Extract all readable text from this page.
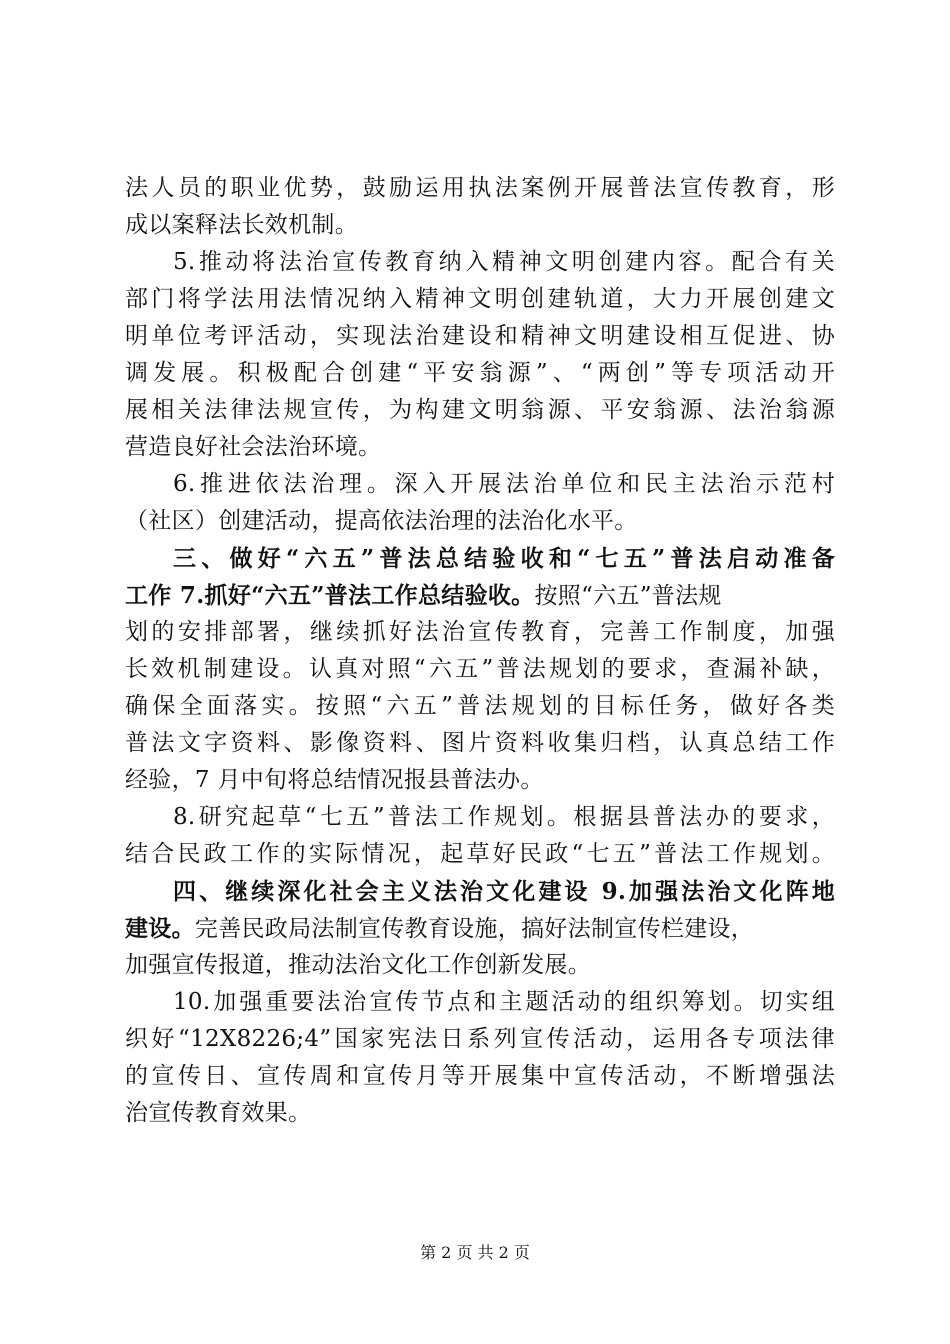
法人员的职业优势，鼓励运用执法案例开展普法宣传教育，形
成以案释法长效机制。
5.推动将法治宣传教育纳入精神文明创建内容。配合有关
部门将学法用法情况纳入精神文明创建轨道，大力开展创建文
明单位考评活动，实现法治建设和精神文明建设相互促进、协
调发展。积极配合创建“平安翁源”、“两创”等专项活动开
展相关法律法规宣传，为构建文明翁源、平安翁源、法治翁源
营造良好社会法治环境。
6.推进依法治理。深入开展法治单位和民主法治示范村
（社区）创建活动，提高依法治理的法治化水平。
三、做好“六五”普法总结验收和“七五”普法启动准备
工作 7.抓好“六五”普法工作总结验收。按照“六五”普法规
划的安排部署，继续抓好法治宣传教育，完善工作制度，加强
长效机制建设。认真对照“六五”普法规划的要求，查漏补缺，
确保全面落实。按照“六五”普法规划的目标任务，做好各类
普法文字资料、影像资料、图片资料收集归档，认真总结工作
经验，7 月中旬将总结情况报县普法办。
8.研究起草“七五”普法工作规划。根据县普法办的要求，
结合民政工作的实际情况，起草好民政“七五”普法工作规划。
四、继续深化社会主义法治文化建设 9.加强法治文化阵地
建设。完善民政局法制宣传教育设施，搞好法制宣传栏建设，
加强宣传报道，推动法治文化工作创新发展。
10.加强重要法治宣传节点和主题活动的组织筹划。切实组
织好“12X8226;4”国家宪法日系列宣传活动，运用各专项法律
的宣传日、宣传周和宣传月等开展集中宣传活动，不断增强法
治宣传教育效果。
第 2 页 共 2 页
